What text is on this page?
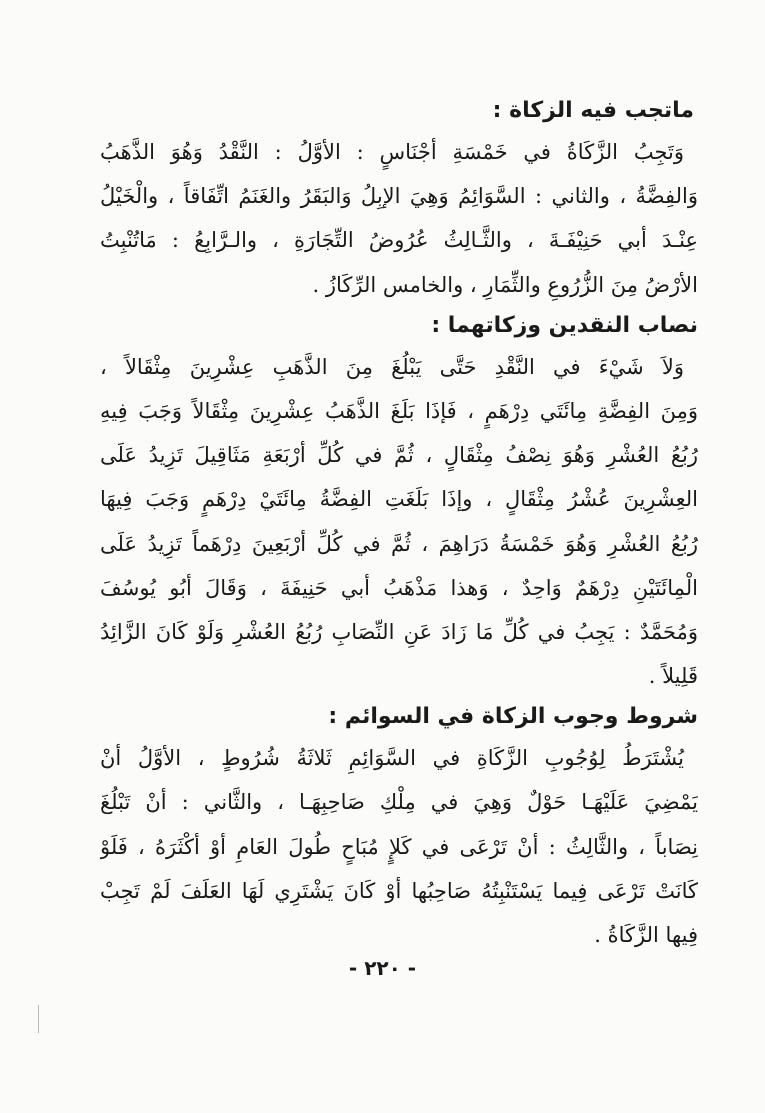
ماتجب فيه الزكاة :
وَتَجِبُ الزَّكَاةُ في خَمْسَةِ أجْنَاسٍ : الأوَّلُ : النَّقْدُ وَهُوَ الذَّهَبُ
وَالفِضَّةُ ، والثاني : السَّوَائِمُ وَهِيَ الإبِلُ وَالبَقَرُ والغَنَمُ اتِّفَاقاً ، والْخَيْلُ
عِنْـدَ أبي حَنِيْفَـةَ ، والثَّـالِثُ عُرُوضُ التِّجَارَةِ ، والـرَّابِعُ : مَاتُنْبِتُ
الأرْضُ مِنَ الزُّرُوعِ والثِّمَارِ ، والخامس الرِّكَازُ .
نصاب النقدين وزكاتهما :
وَلاَ شَيْءَ في النَّقْدِ حَتَّى يَبْلُغَ مِنَ الذَّهَبِ عِشْرِينَ مِثْقَالاً ،
وَمِنَ الفِضَّةِ مِائَتَي دِرْهَمٍ ، فَإذَا بَلَغَ الذَّهَبُ عِشْرِينَ مِثْقَالاً وَجَبَ فِيهِ
رُبُعُ العُشْرِ وَهُوَ نِصْفُ مِثْقَالٍ ، ثُمَّ في كُلِّ أرْبَعَةِ مَثَاقِيلَ تَزِيدُ عَلَى
العِشْرِينَ عُشْرُ مِثْقَالٍ ، وإذَا بَلَغَتِ الفِضَّةُ مِائَتَيْ دِرْهَمٍ وَجَبَ فِيهَا
رُبُعُ العُشْرِ وَهُوَ خَمْسَةُ دَرَاهِمَ ، ثُمَّ في كُلِّ أرْبَعِينَ دِرْهَماً تَزِيدُ عَلَى
الْمِائَتَيْنِ دِرْهَمٌ وَاحِدٌ ، وَهذا مَذْهَبُ أبي حَنِيفَةَ ، وَقَالَ أبُو يُوسُفَ
وَمُحَمَّدٌ : يَجِبُ في كُلِّ مَا زَادَ عَنِ النِّصَابِ رُبُعُ العُشْرِ وَلَوْ كَانَ الزَّائِدُ
قَلِيلاً .
شروط وجوب الزكاة في السوائم :
يُشْتَرَطُ لِوُجُوبِ الزَّكَاةِ في السَّوَائِمِ ثَلاثَةُ شُرُوطٍ ، الأوَّلُ أنْ
يَمْضِيَ عَلَيْهَـا حَوْلٌ وَهِيَ في مِلْكِ صَاحِبِهَـا ، والثَّاني : أنْ تَبْلُغَ
نِصَاباً ، والثَّالِثُ : أنْ تَرْعَى في كَلإٍ مُبَاحٍ طُولَ العَامِ أوْ أكْثَرَهُ ، فَلَوْ
كَانَتْ تَرْعَى فِيما يَسْتَنْبِتُهُ صَاحِبُها أوْ كَانَ يَشْتَرِي لَهَا العَلَفَ لَمْ تَجِبْ
فِيها الزَّكَاةُ .
- ٢٢٠ -
